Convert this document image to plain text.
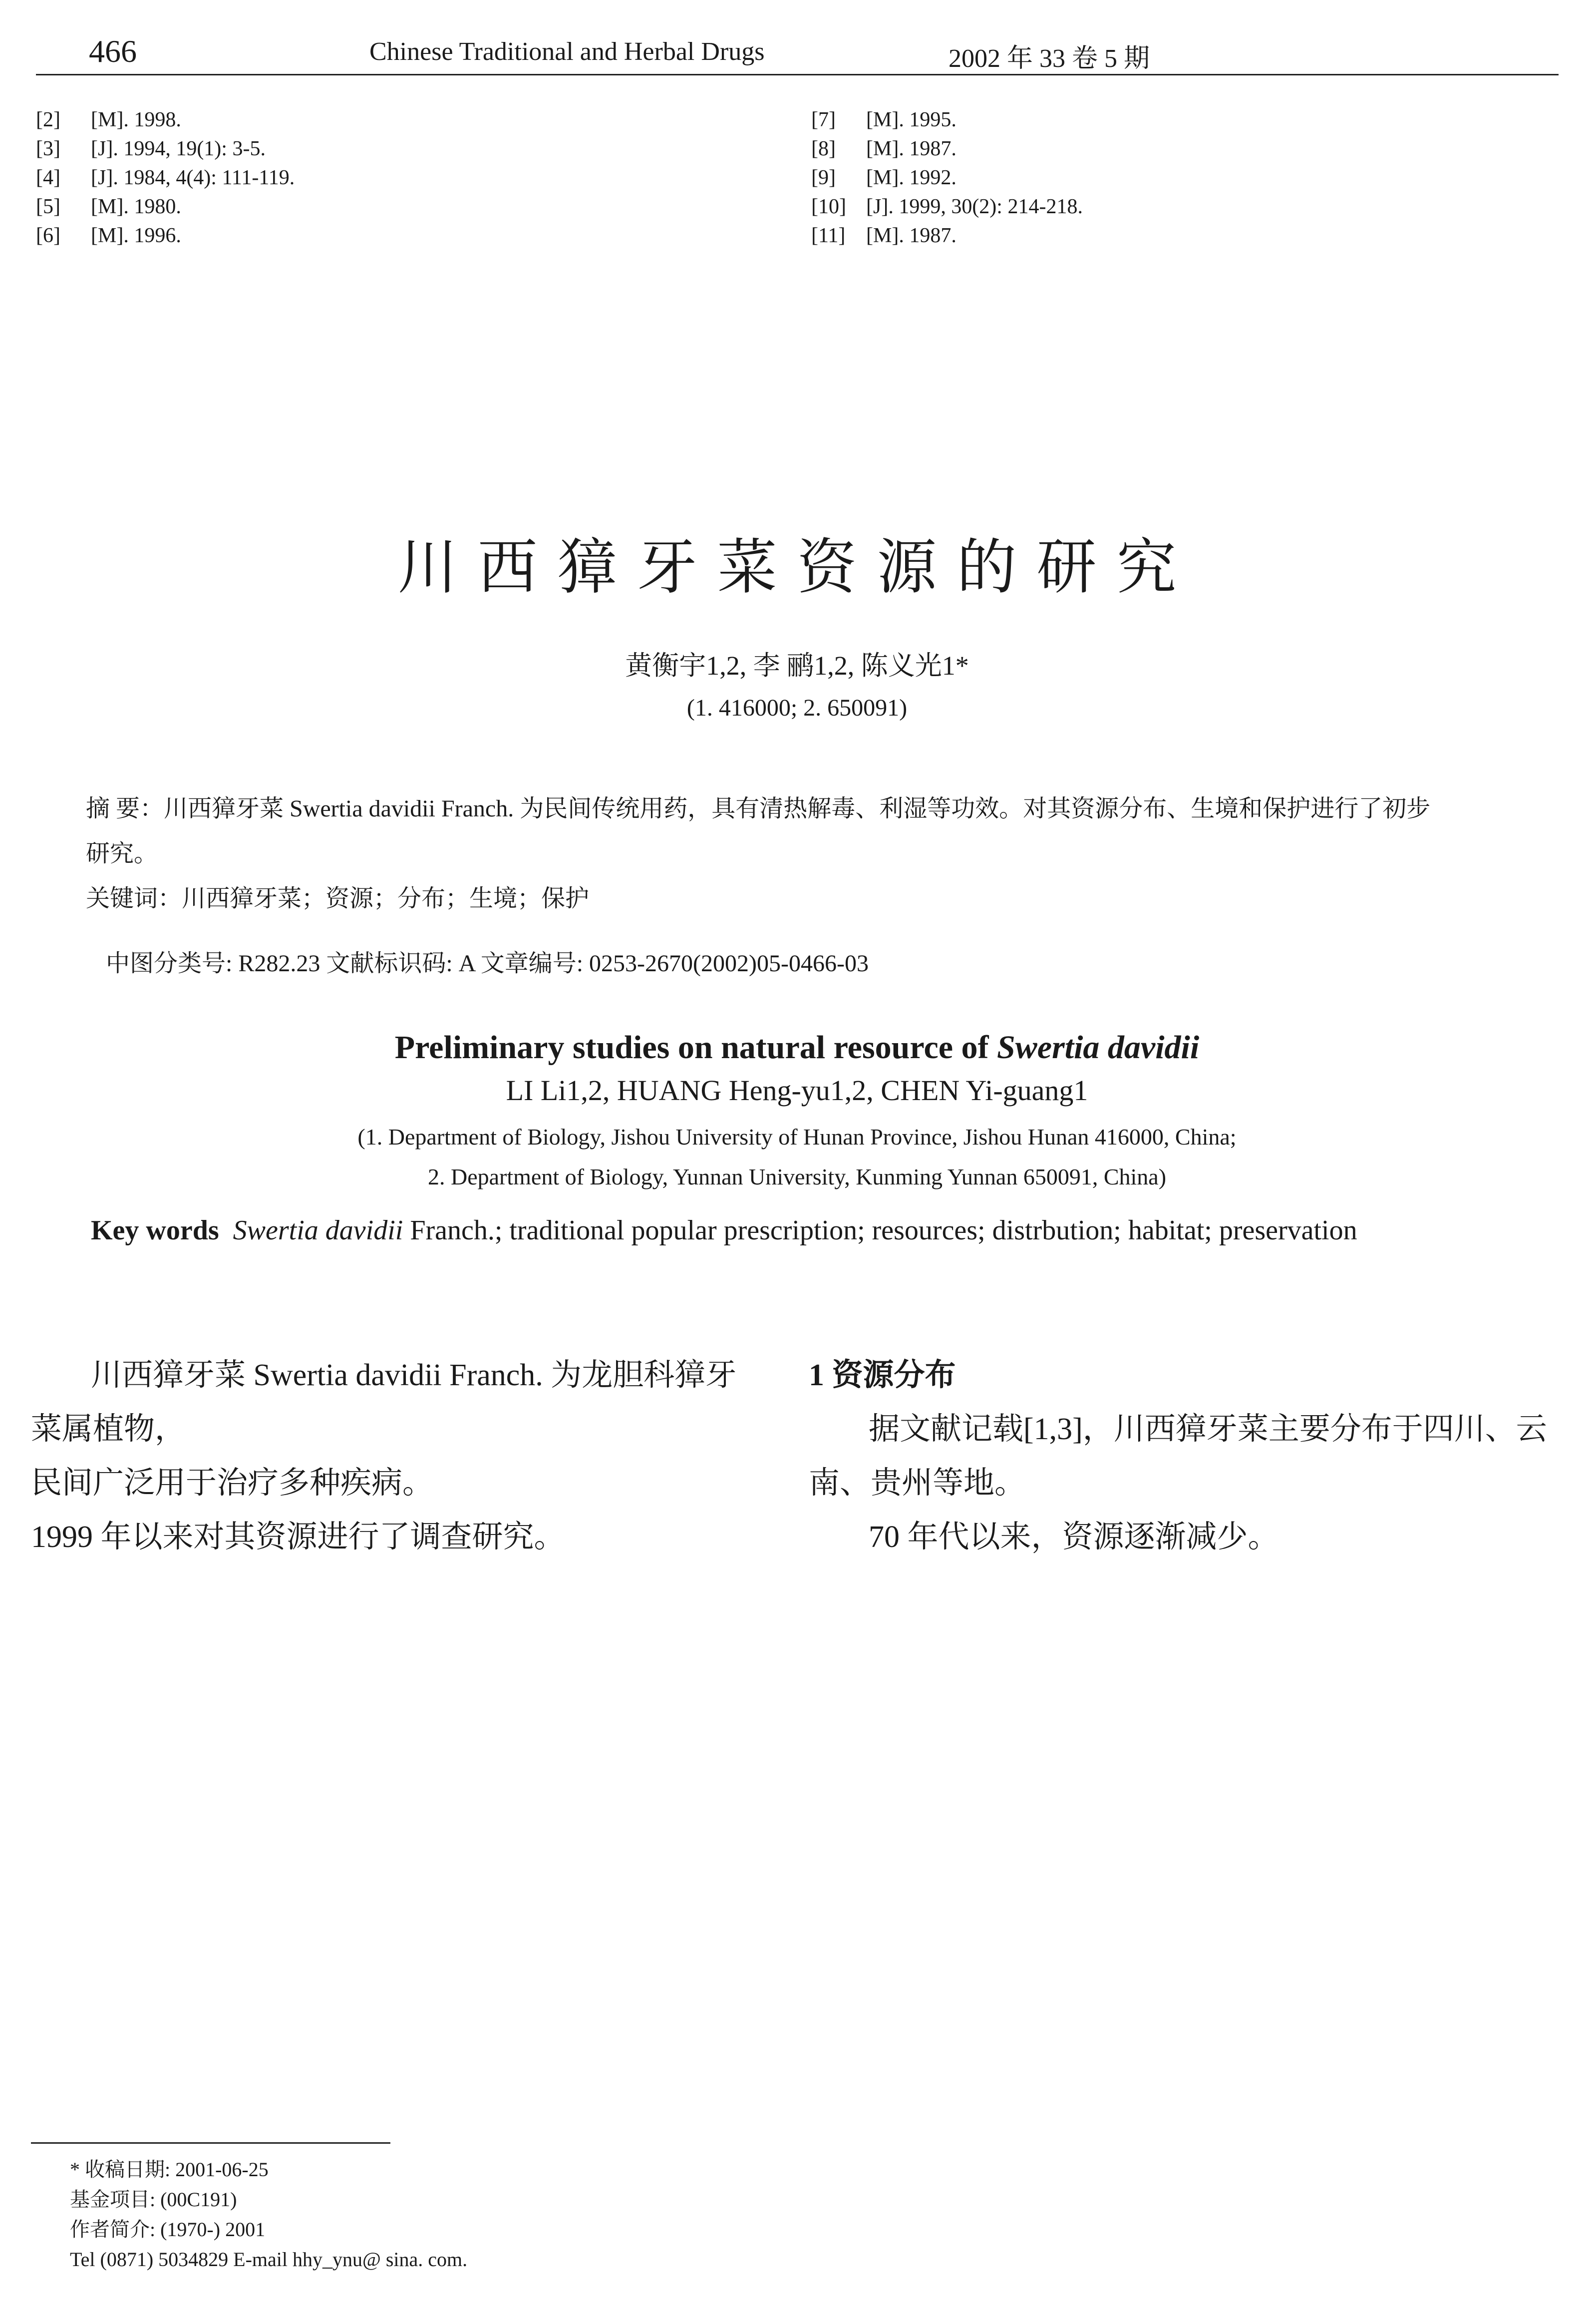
466	Chinese Traditional and Herbal Drugs	2002 年 33 卷 5 期
[2]	[M]. 1998.
[3]	[J]. 1994, 19(1): 3-5.
[4]	[J]. 1984, 4(4): 111-119.
[5]	[M]. 1980.
[6]	[M]. 1996.
[7]	[M]. 1995.
[8]	[M]. 1987.
[9]	[M]. 1992.
[10] [J]. 1999, 30(2): 214-218.
[11] [M]. 1987.
川西獐牙菜资源的研究
黄衡宇1,2, 李 鹂1,2, 陈义光1*
(1. 416000; 2. 650091)
摘 要：川西獐牙菜 Swertia davidii Franch. 为民间传统用药，具有清热解毒、利湿等功效。对其资源分布、生境和保护进行了初步研究。
关键词：川西獐牙菜；资源；分布；生境；保护
中图分类号: R282.23 文献标识码: A 文章编号: 0253-2670(2002)05-0466-03
Preliminary studies on natural resource of Swertia davidii
LI Li1,2, HUANG Heng-yu1,2, CHEN Yi-guang1
(1. Department of Biology, Jishou University of Hunan Province, Jishou Hunan 416000, China;
2. Department of Biology, Yunnan University, Kunming Yunnan 650091, China)
Key words Swertia davidii Franch.; traditional popular prescription; resources; distrbution; habitat; preservation

川西獐牙菜 Swertia davidii Franch. 为龙胆科獐牙菜属植物，

民间广泛用于治疗多种疾病。

1999 年以来对其资源进行了调查研究。

1 资源分布

据文献记载[1,3]，川西獐牙菜主要分布于四川、云南、贵州等地。

70 年代以来，资源逐渐减少。

* 收稿日期: 2001-06-25
基金项目: (00C191)
作者简介: (1970-) 2001
Tel (0871) 5034829 E-mail hhy_ynu@ sina. com.
